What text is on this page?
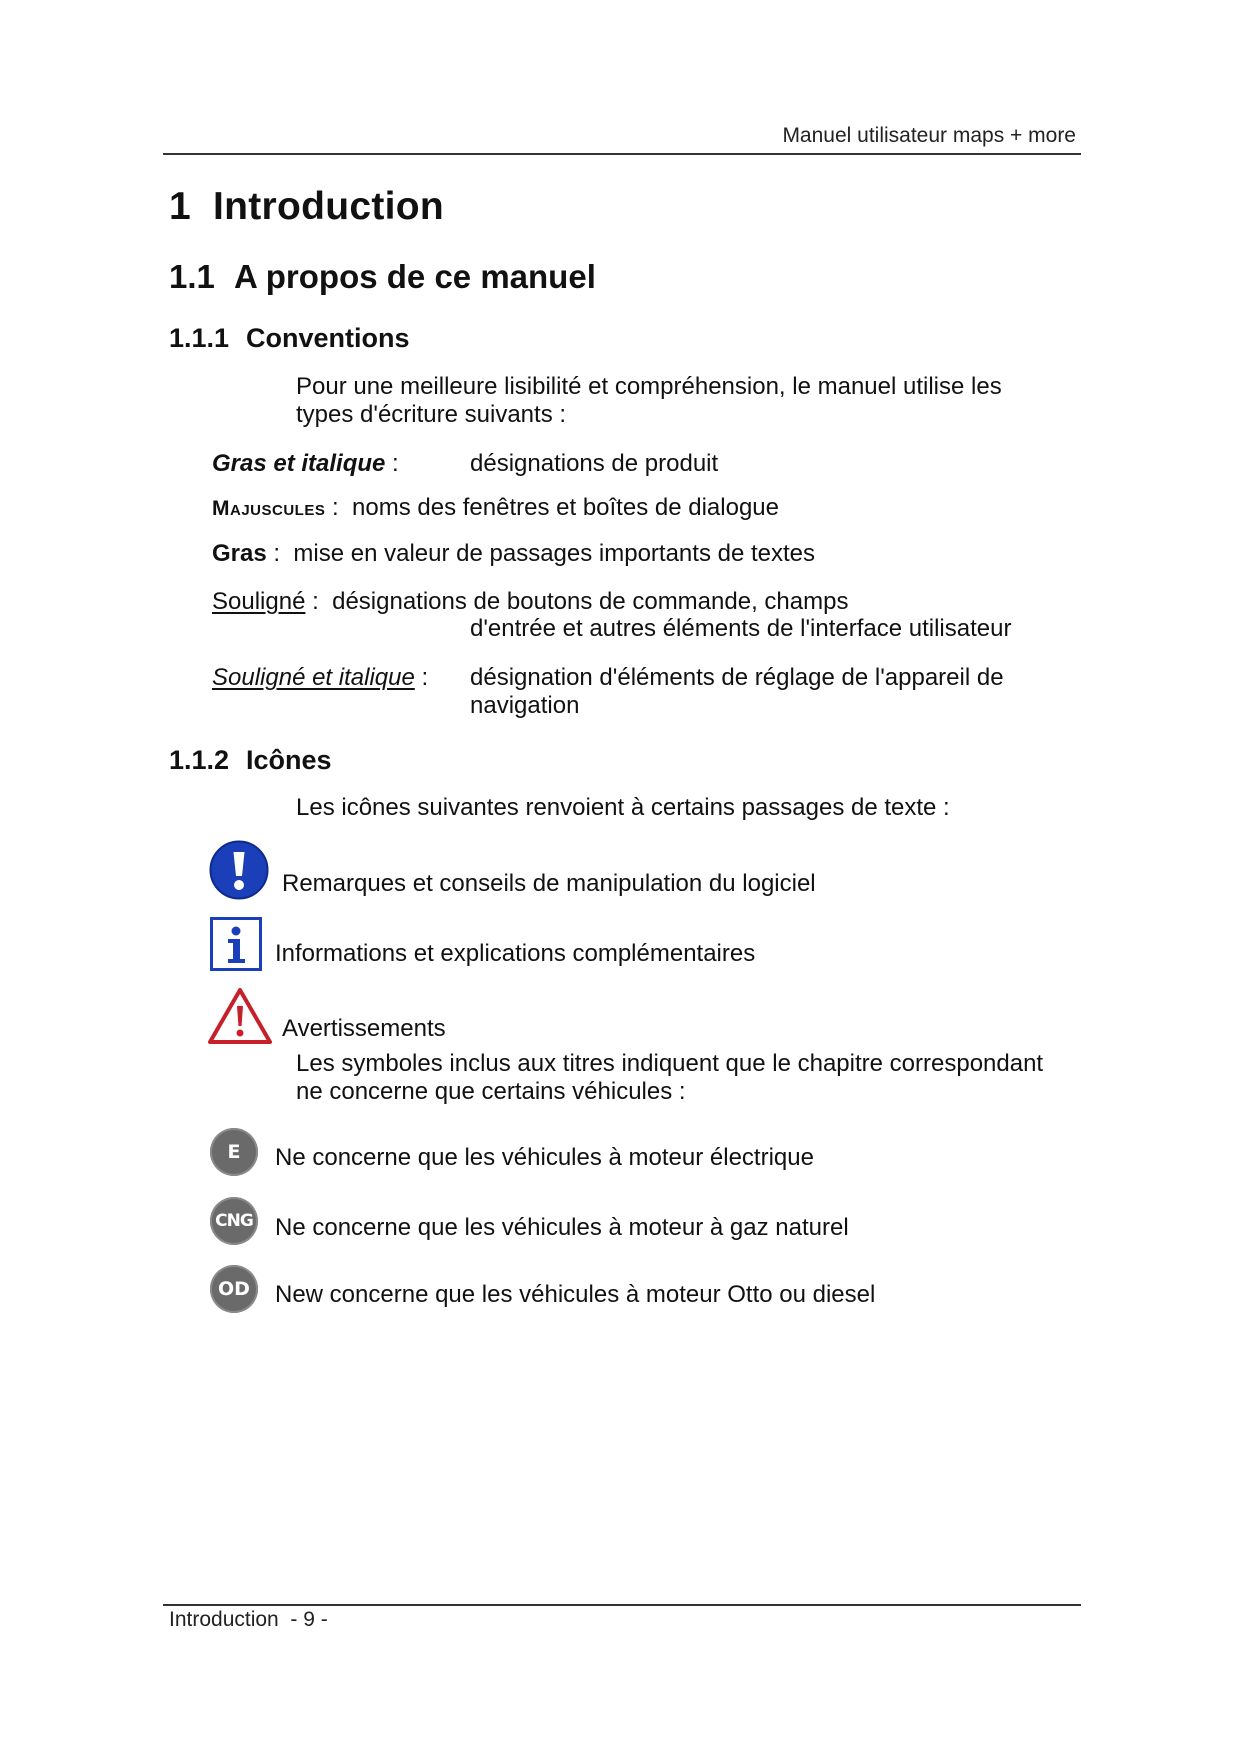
Manuel utilisateur maps + more
1 Introduction
1.1 A propos de ce manuel
1.1.1 Conventions
Pour une meilleure lisibilité et compréhension, le manuel utilise les
types d'écriture suivants :
Gras et italique :	désignations de produit
Majuscules : noms des fenêtres et boîtes de dialogue
Gras : mise en valeur de passages importants de textes
Souligné : désignations de boutons de commande, champs
d'entrée et autres éléments de l'interface utilisateur
Souligné et italique : désignation d'éléments de réglage de l'appareil de
navigation
1.1.2 Icônes
Les icônes suivantes renvoient à certains passages de texte :
Remarques et conseils de manipulation du logiciel
Informations et explications complémentaires
Avertissements
Les symboles inclus aux titres indiquent que le chapitre correspondant
ne concerne que certains véhicules :
E	Ne concerne que les véhicules à moteur électrique
CNG Ne concerne que les véhicules à moteur à gaz naturel
OD	New concerne que les véhicules à moteur Otto ou diesel
Introduction - 9 -
